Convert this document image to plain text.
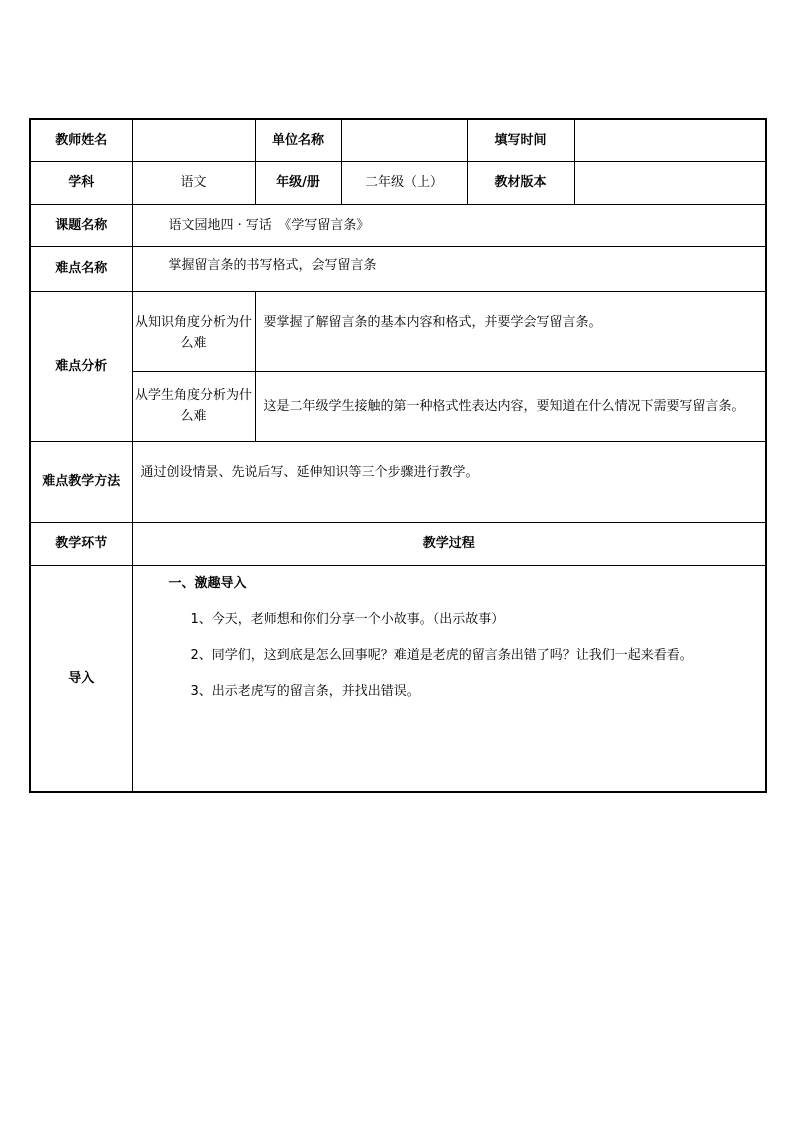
教师姓名		单位名称		填写时间	
学科	语文	年级/册	二年级（上）	教材版本	
课题名称	语文园地四 · 写话　《学写留言条》				
难点名称	掌握留言条的书写格式，会写留言条				
难点分析	从知识角度分析为什么难	要掌握了解留言条的基本内容和格式，并要学会写留言条。			
	从学生角度分析为什么难	这是二年级学生接触的第一种格式性表达内容，要知道在什么情况下需要写留言条。			
难点教学方法	通过创设情景、先说后写、延伸知识等三个步骤进行教学。				
教学环节	教学过程				
导入	一、激趣导入
1、今天，老师想和你们分享一个小故事。（出示故事）
2、同学们，这到底是怎么回事呢？难道是老虎的留言条出错了吗？让我们一起来看看。
3、出示老虎写的留言条，并找出错误。				
